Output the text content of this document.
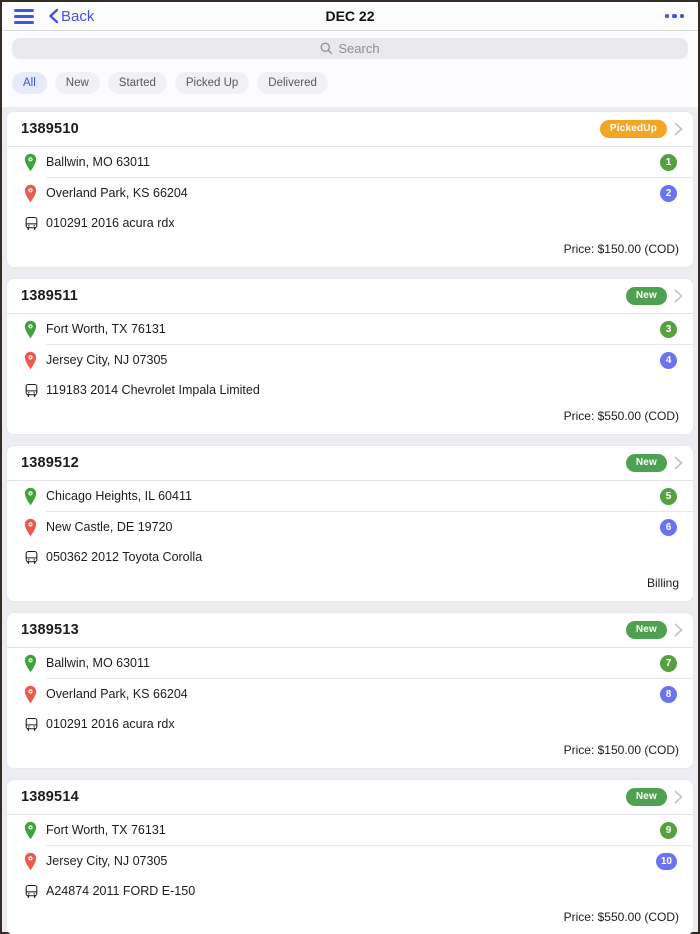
Back	DEC 22
Search
All	New	Started	Picked Up	Delivered
1389510	PickedUp
Ballwin, MO 63011	1
Overland Park, KS 66204	2
010291 2016 acura rdx
Price: $150.00 (COD)
1389511	New
Fort Worth, TX 76131	3
Jersey City, NJ 07305	4
119183 2014 Chevrolet Impala Limited
Price: $550.00 (COD)
1389512	New
Chicago Heights, IL 60411	5
New Castle, DE 19720	6
050362 2012 Toyota Corolla
Billing
1389513	New
Ballwin, MO 63011	7
Overland Park, KS 66204	8
010291 2016 acura rdx
Price: $150.00 (COD)
1389514	New
Fort Worth, TX 76131	9
Jersey City, NJ 07305	10
A24874 2011 FORD E-150
Price: $550.00 (COD)
